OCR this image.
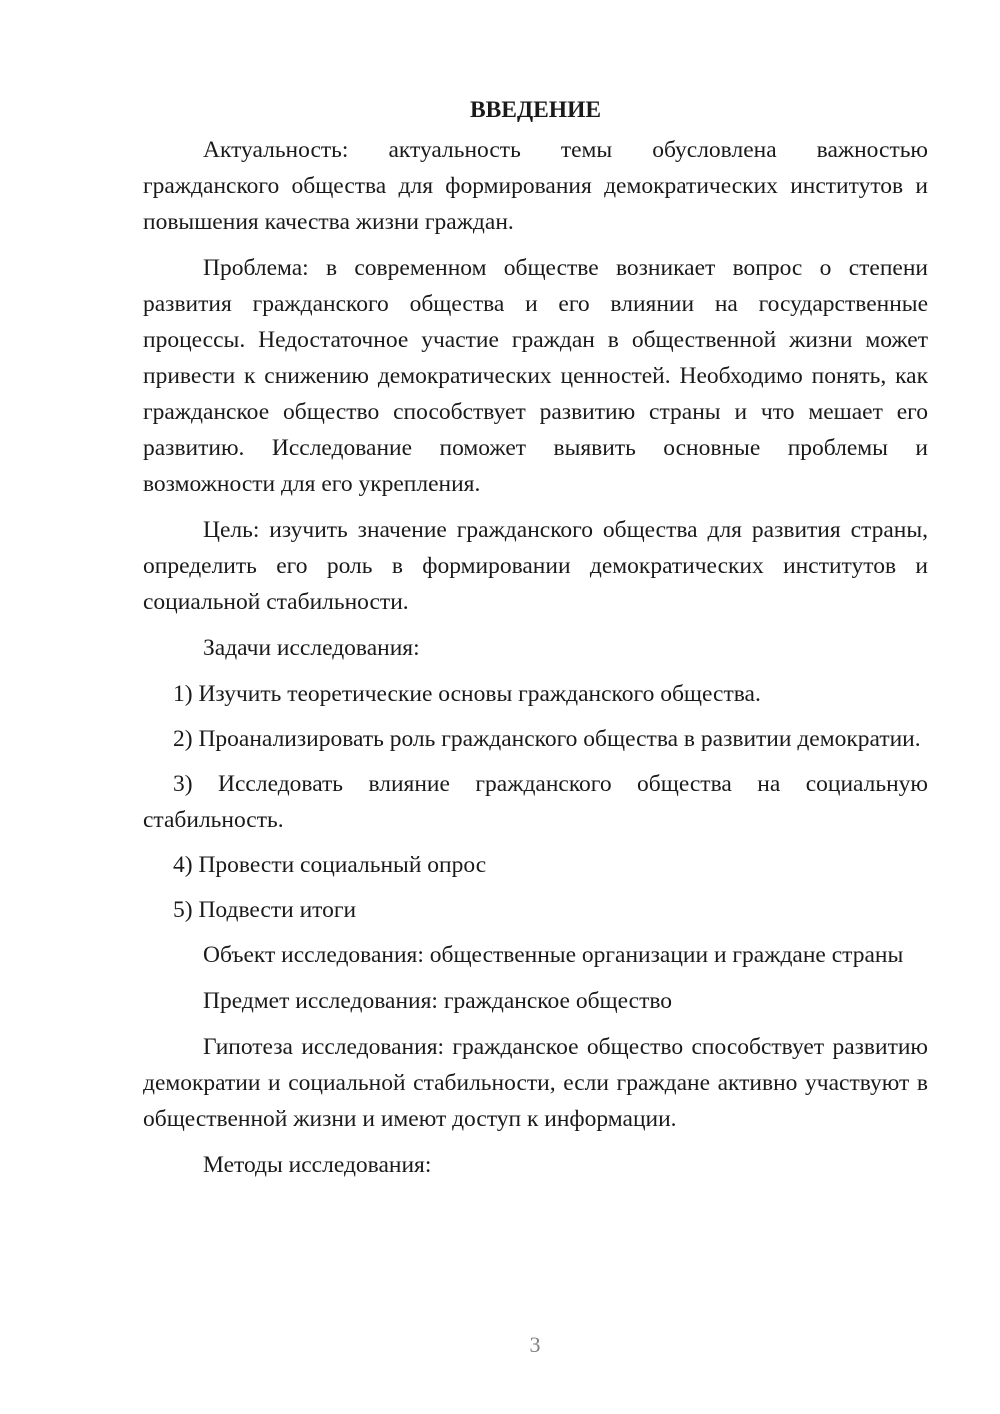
ВВЕДЕНИЕ

Актуальность: актуальность темы обусловлена важностью гражданского общества для формирования демократических институтов и повышения качества жизни граждан.

Проблема: в современном обществе возникает вопрос о степени развития гражданского общества и его влиянии на государственные процессы. Недостаточное участие граждан в общественной жизни может привести к снижению демократических ценностей. Необходимо понять, как гражданское общество способствует развитию страны и что мешает его развитию. Исследование поможет выявить основные проблемы и возможности для его укрепления.

Цель: изучить значение гражданского общества для развития страны, определить его роль в формировании демократических институтов и социальной стабильности.

Задачи исследования:

1) Изучить теоретические основы гражданского общества.

2) Проанализировать роль гражданского общества в развитии демократии.

3) Исследовать влияние гражданского общества на социальную стабильность.

4) Провести социальный опрос

5) Подвести итоги

Объект исследования: общественные организации и граждане страны

Предмет исследования: гражданское общество

Гипотеза исследования: гражданское общество способствует развитию демократии и социальной стабильности, если граждане активно участвуют в общественной жизни и имеют доступ к информации.

Методы исследования:

3
